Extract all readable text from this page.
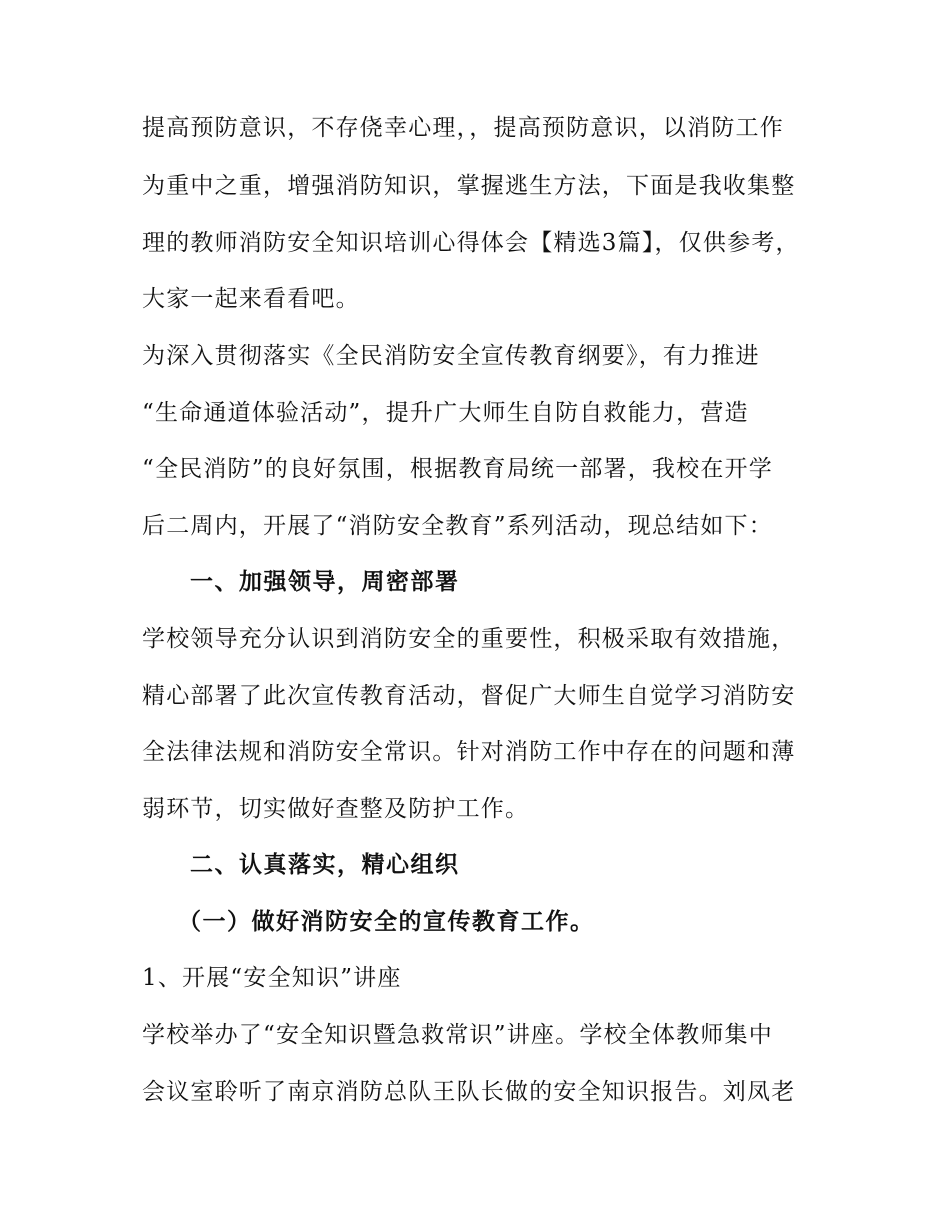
提高预防意识，不存侥幸心理，，提高预防意识，以消防工作
为重中之重，增强消防知识，掌握逃生方法，下面是我收集整
理的教师消防安全知识培训心得体会【精选3篇】，仅供参考，
大家一起来看看吧。
为深入贯彻落实《全民消防安全宣传教育纲要》，有力推进
“生命通道体验活动”，提升广大师生自防自救能力，营造
“全民消防”的良好氛围，根据教育局统一部署，我校在开学
后二周内，开展了“消防安全教育”系列活动，现总结如下：
一、加强领导，周密部署
学校领导充分认识到消防安全的重要性，积极采取有效措施，
精心部署了此次宣传教育活动，督促广大师生自觉学习消防安
全法律法规和消防安全常识。针对消防工作中存在的问题和薄
弱环节，切实做好查整及防护工作。
二、认真落实，精心组织
（一）做好消防安全的宣传教育工作。
1、开展“安全知识”讲座
学校举办了“安全知识暨急救常识”讲座。学校全体教师集中
会议室聆听了南京消防总队王队长做的安全知识报告。刘凤老
